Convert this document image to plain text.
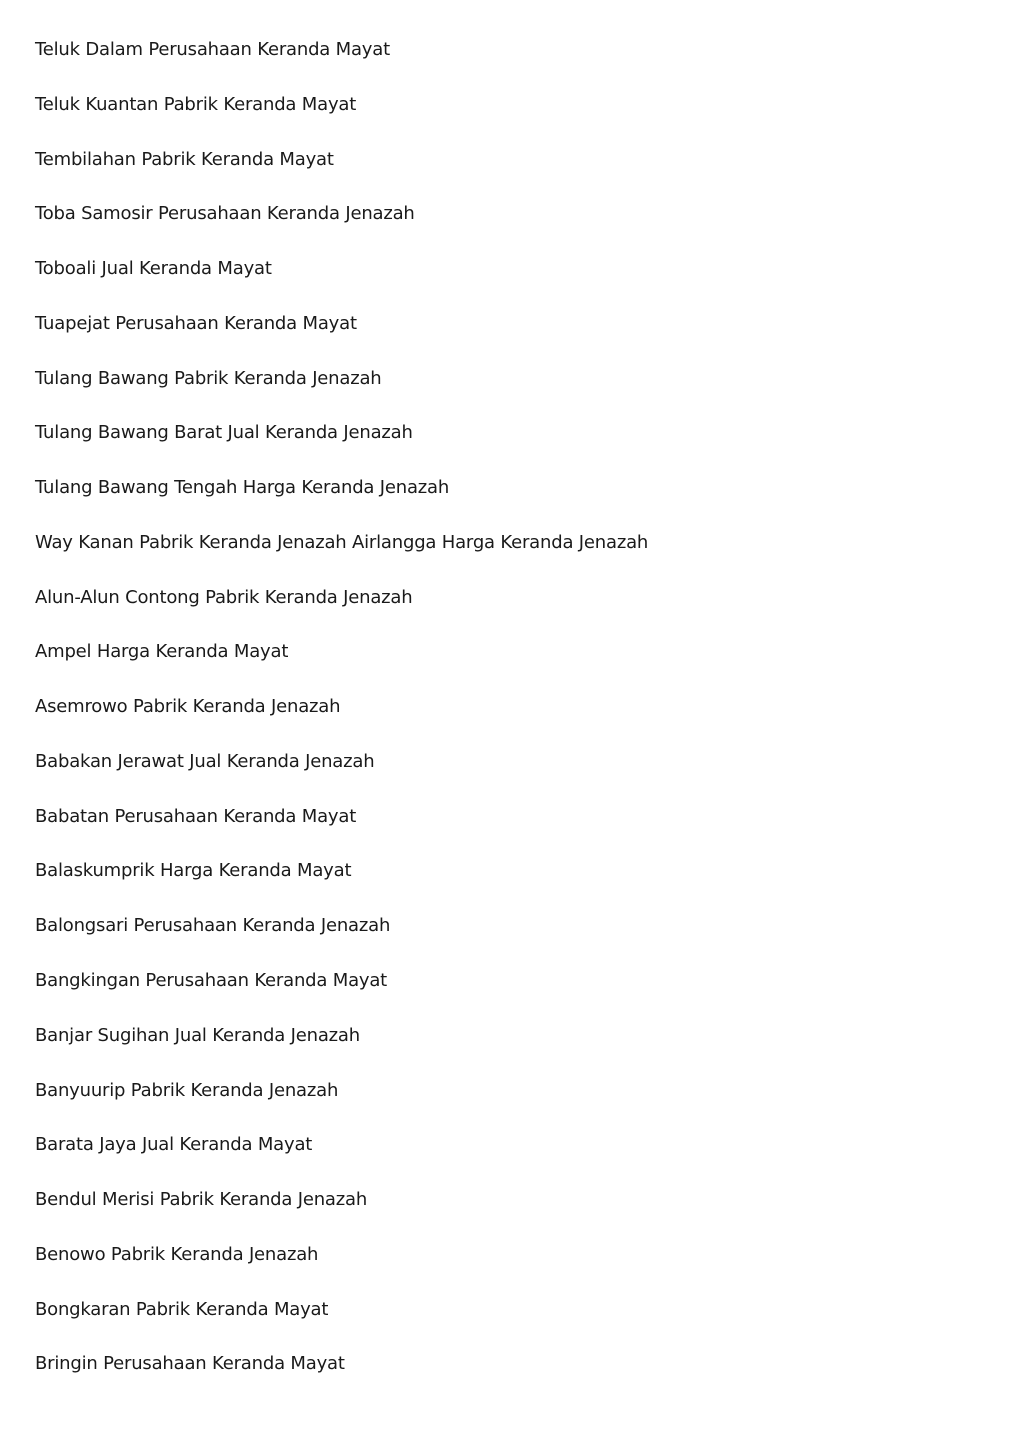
Teluk Dalam Perusahaan Keranda Mayat
Teluk Kuantan Pabrik Keranda Mayat
Tembilahan Pabrik Keranda Mayat
Toba Samosir Perusahaan Keranda Jenazah
Toboali Jual Keranda Mayat
Tuapejat Perusahaan Keranda Mayat
Tulang Bawang Pabrik Keranda Jenazah
Tulang Bawang Barat Jual Keranda Jenazah
Tulang Bawang Tengah Harga Keranda Jenazah
Way Kanan Pabrik Keranda Jenazah Airlangga Harga Keranda Jenazah
Alun-Alun Contong Pabrik Keranda Jenazah
Ampel Harga Keranda Mayat
Asemrowo Pabrik Keranda Jenazah
Babakan Jerawat Jual Keranda Jenazah
Babatan Perusahaan Keranda Mayat
Balaskumprik Harga Keranda Mayat
Balongsari Perusahaan Keranda Jenazah
Bangkingan Perusahaan Keranda Mayat
Banjar Sugihan Jual Keranda Jenazah
Banyuurip Pabrik Keranda Jenazah
Barata Jaya Jual Keranda Mayat
Bendul Merisi Pabrik Keranda Jenazah
Benowo Pabrik Keranda Jenazah
Bongkaran Pabrik Keranda Mayat
Bringin Perusahaan Keranda Mayat
